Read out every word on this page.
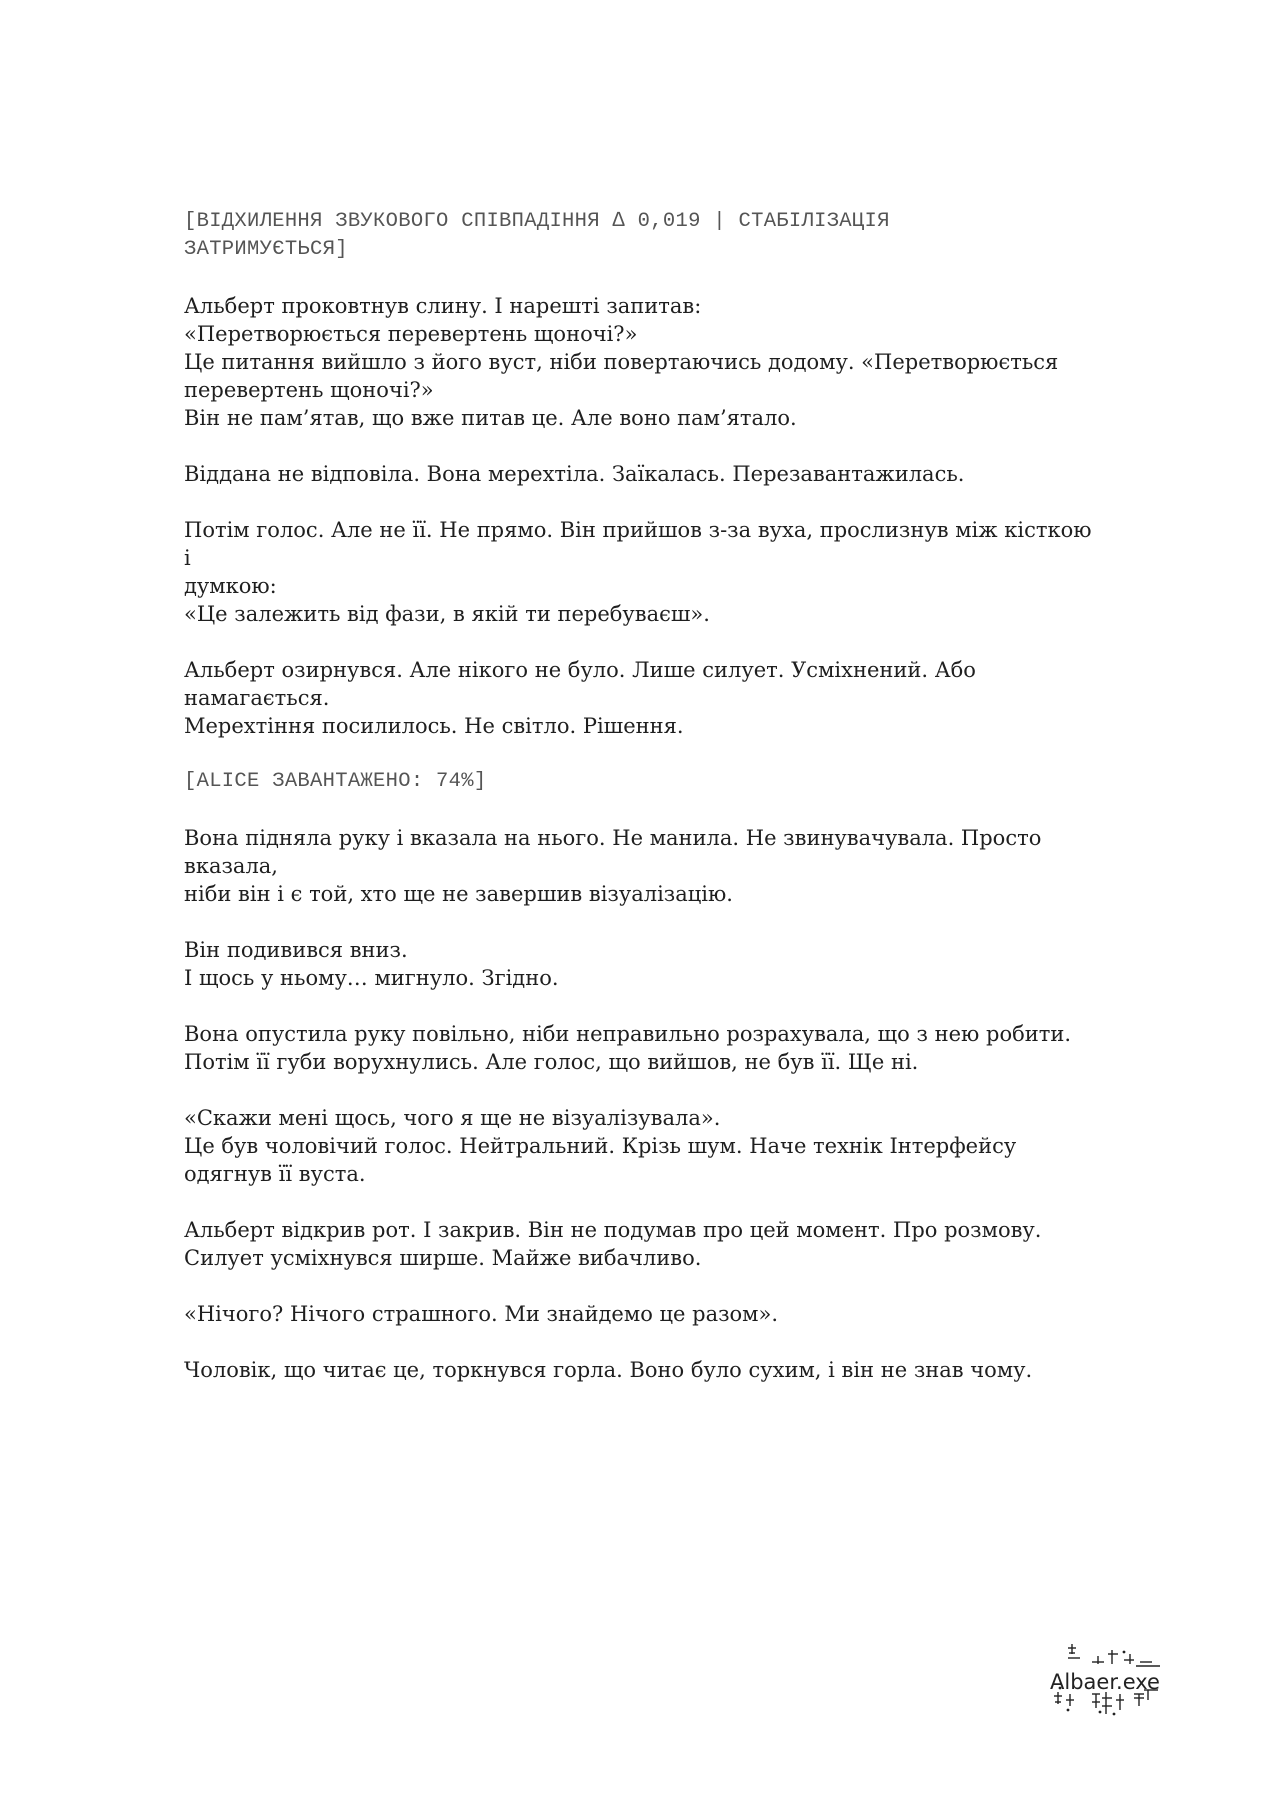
[ВІДХИЛЕННЯ ЗВУКОВОГО СПІВПАДІННЯ ∆ 0,019 | СТАБІЛІЗАЦІЯ
ЗАТРИМУЄТЬСЯ]

Альберт проковтнув слину. І нарешті запитав:
«Перетворюється перевертень щоночі?»
Це питання вийшло з його вуст, ніби повертаючись додому. «Перетворюється
перевертень щоночі?»
Він не пам’ятав, що вже питав це. Але воно пам’ятало.

Віддана не відповіла. Вона мерехтіла. Заїкалась. Перезавантажилась.

Потім голос. Але не її. Не прямо. Він прийшов з-за вуха, прослизнув між кісткою і
думкою:
«Це залежить від фази, в якій ти перебуваєш».

Альберт озирнувся. Але нікого не було. Лише силует. Усміхнений. Або
намагається.
Мерехтіння посилилось. Не світло. Рішення.

[ALICE ЗАВАНТАЖЕНО: 74%]

Вона підняла руку і вказала на нього. Не манила. Не звинувачувала. Просто
вказала,
ніби він і є той, хто ще не завершив візуалізацію.

Він подивився вниз.
І щось у ньому… мигнуло. Згідно.

Вона опустила руку повільно, ніби неправильно розрахувала, що з нею робити.
Потім її губи ворухнулись. Але голос, що вийшов, не був її. Ще ні.

«Скажи мені щось, чого я ще не візуалізувала».
Це був чоловічий голос. Нейтральний. Крізь шум. Наче технік Інтерфейсу
одягнув її вуста.

Альберт відкрив рот. І закрив. Він не подумав про цей момент. Про розмову.
Силует усміхнувся ширше. Майже вибачливо.

«Нічого? Нічого страшного. Ми знайдемо це разом».

Чоловік, що читає це, торкнувся горла. Воно було сухим, і він не знав чому.

Albaer.exe
